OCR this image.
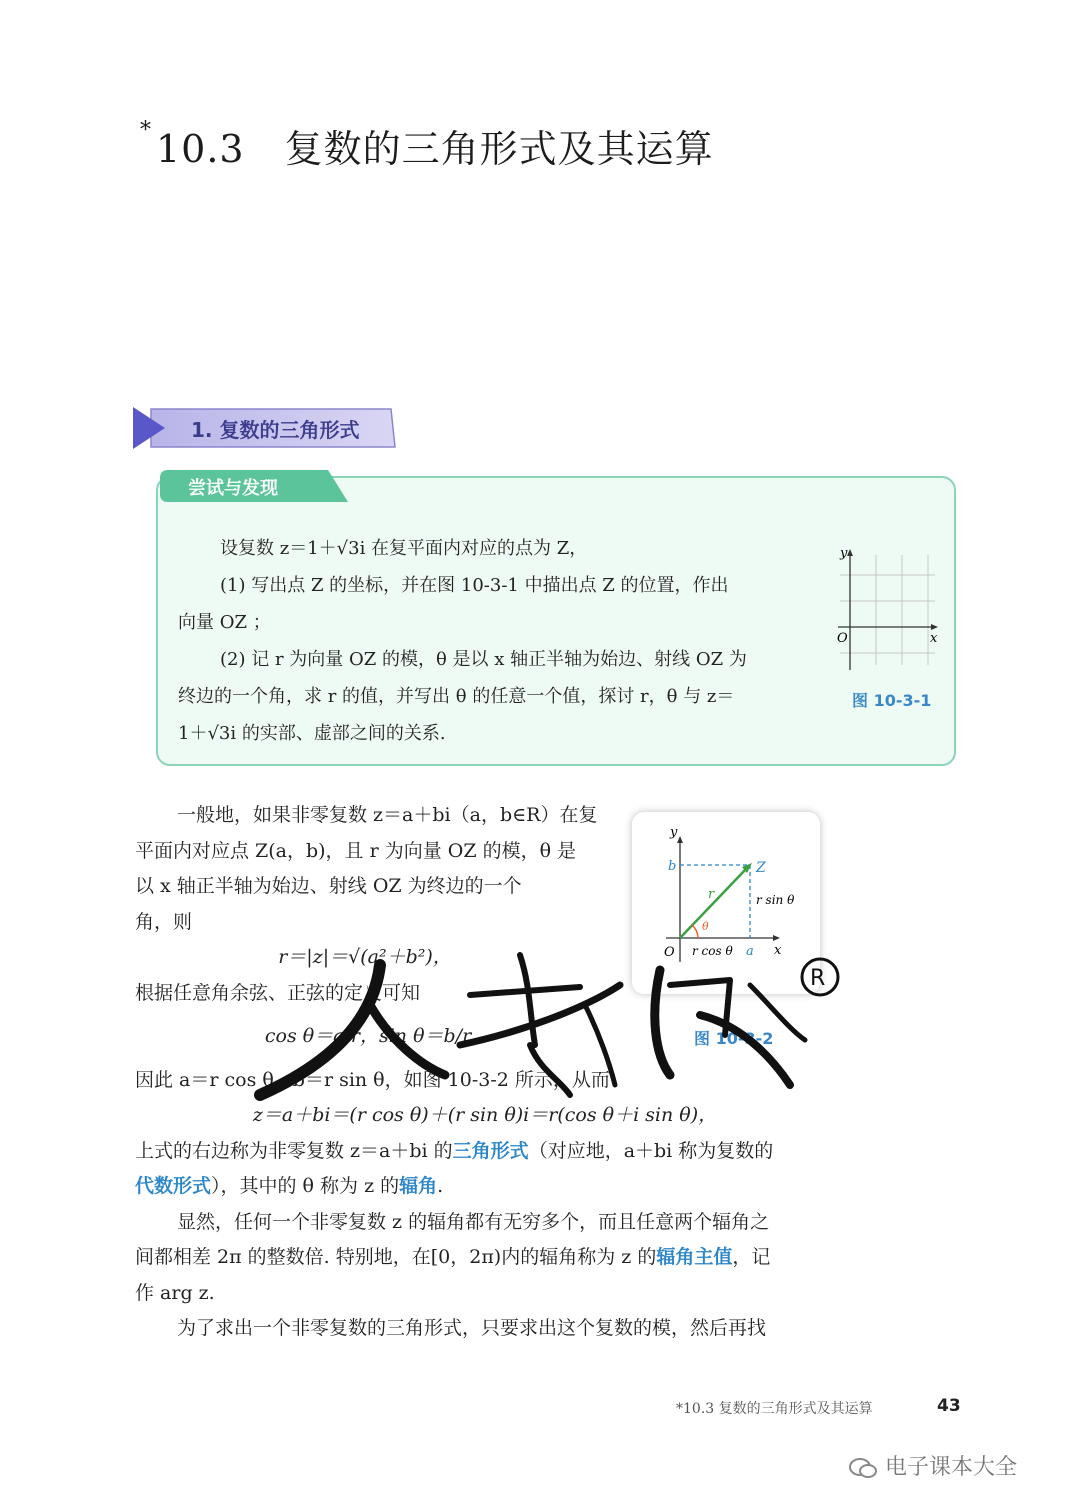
* 10.3 复数的三角形式及其运算
1. 复数的三角形式
尝试与发现

设复数 z＝1＋√3i 在复平面内对应的点为 Z，

(1) 写出点 Z 的坐标，并在图 10-3-1 中描出点 Z 的位置，作出

向量 OZ ；

(2) 记 r 为向量 OZ 的模，θ 是以 x 轴正半轴为始边、射线 OZ 为

终边的一个角，求 r 的值，并写出 θ 的任意一个值，探讨 r，θ 与 z＝

1＋√3i 的实部、虚部之间的关系.

y
x
O
图 10-3-1

一般地，如果非零复数 z＝a＋bi（a，b∈R）在复

平面内对应点 Z(a，b)，且 r 为向量 OZ 的模，θ 是

以 x 轴正半轴为始边、射线 OZ 为终边的一个

角，则

r＝|z|＝√(a²＋b²)，

根据任意角余弦、正弦的定义可知

cos θ＝a/r，sin θ＝b/r.

因此 a＝r cos θ，b＝r sin θ，如图 10-3-2 所示，从而

z＝a＋bi＝(r cos θ)＋(r sin θ)i＝r(cos θ＋i sin θ)，

上式的右边称为非零复数 z＝a＋bi 的三角形式（对应地，a＋bi 称为复数的
代数形式），其中的 θ 称为 z 的辐角.

显然，任何一个非零复数 z 的辐角都有无穷多个，而且任意两个辐角之

间都相差 2π 的整数倍. 特别地，在[0，2π)内的辐角称为 z 的辐角主值，记

作 arg z.

为了求出一个非零复数的三角形式，只要求出这个复数的模，然后再找

y
x
O
b
a
Z
r
θ
r sin θ
r cos θ
图 10-3-2
R
*10.3 复数的三角形式及其运算	43
电子课本大全
